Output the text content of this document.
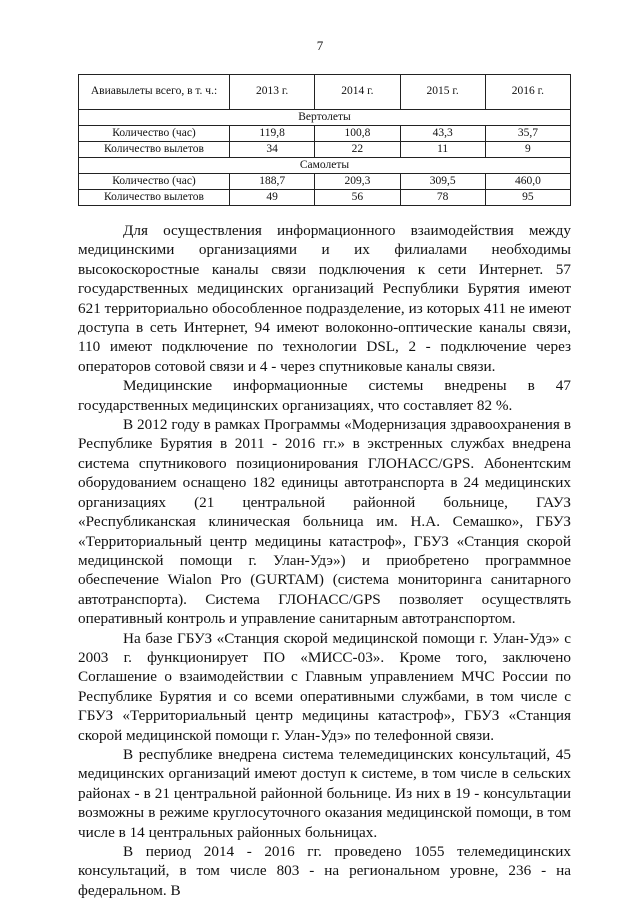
7
Авиавылеты всего, в т. ч.:	2013 г.	2014 г.	2015 г.	2016 г.
Вертолеты				
Количество (час)	119,8	100,8	43,3	35,7
Количество вылетов	34	22	11	9
Самолеты				
Количество (час)	188,7	209,3	309,5	460,0
Количество вылетов	49	56	78	95

Для осуществления информационного взаимодействия между медицинскими организациями и их филиалами необходимы высокоскоростные каналы связи подключения к сети Интернет. 57 государственных медицинских организаций Республики Бурятия имеют 621 территориально обособленное подразделение, из которых 411 не имеют доступа в сеть Интернет, 94 имеют волоконно-оптические каналы связи, 110 имеют подключение по технологии DSL, 2 - подключение через операторов сотовой связи и 4 - через спутниковые каналы связи.

Медицинские информационные системы внедрены в 47 государственных медицинских организациях, что составляет 82 %.

В 2012 году в рамках Программы «Модернизация здравоохранения в Республике Бурятия в 2011 - 2016 гг.» в экстренных службах внедрена система спутникового позиционирования ГЛОНАСС/GPS. Абонентским оборудованием оснащено 182 единицы автотранспорта в 24 медицинских организациях (21 центральной районной больнице, ГАУЗ «Республиканская клиническая больница им. Н.А. Семашко», ГБУЗ «Территориальный центр медицины катастроф», ГБУЗ «Станция скорой медицинской помощи г. Улан-Удэ») и приобретено программное обеспечение Wialon Pro (GURTAM) (система мониторинга санитарного автотранспорта). Система ГЛОНАСС/GPS позволяет осуществлять оперативный контроль и управление санитарным автотранспортом.

На базе ГБУЗ «Станция скорой медицинской помощи г. Улан-Удэ» с 2003 г. функционирует ПО «МИСС-03». Кроме того, заключено Соглашение о взаимодействии с Главным управлением МЧС России по Республике Бурятия и со всеми оперативными службами, в том числе с ГБУЗ «Территориальный центр медицины катастроф», ГБУЗ «Станция скорой медицинской помощи г. Улан-Удэ» по телефонной связи.

В республике внедрена система телемедицинских консультаций, 45 медицинских организаций имеют доступ к системе, в том числе в сельских районах - в 21 центральной районной больнице. Из них в 19 - консультации возможны в режиме круглосуточного оказания медицинской помощи, в том числе в 14 центральных районных больницах.

В период 2014 - 2016 гг. проведено 1055 телемедицинских консультаций, в том числе 803 - на региональном уровне, 236 - на федеральном. В
